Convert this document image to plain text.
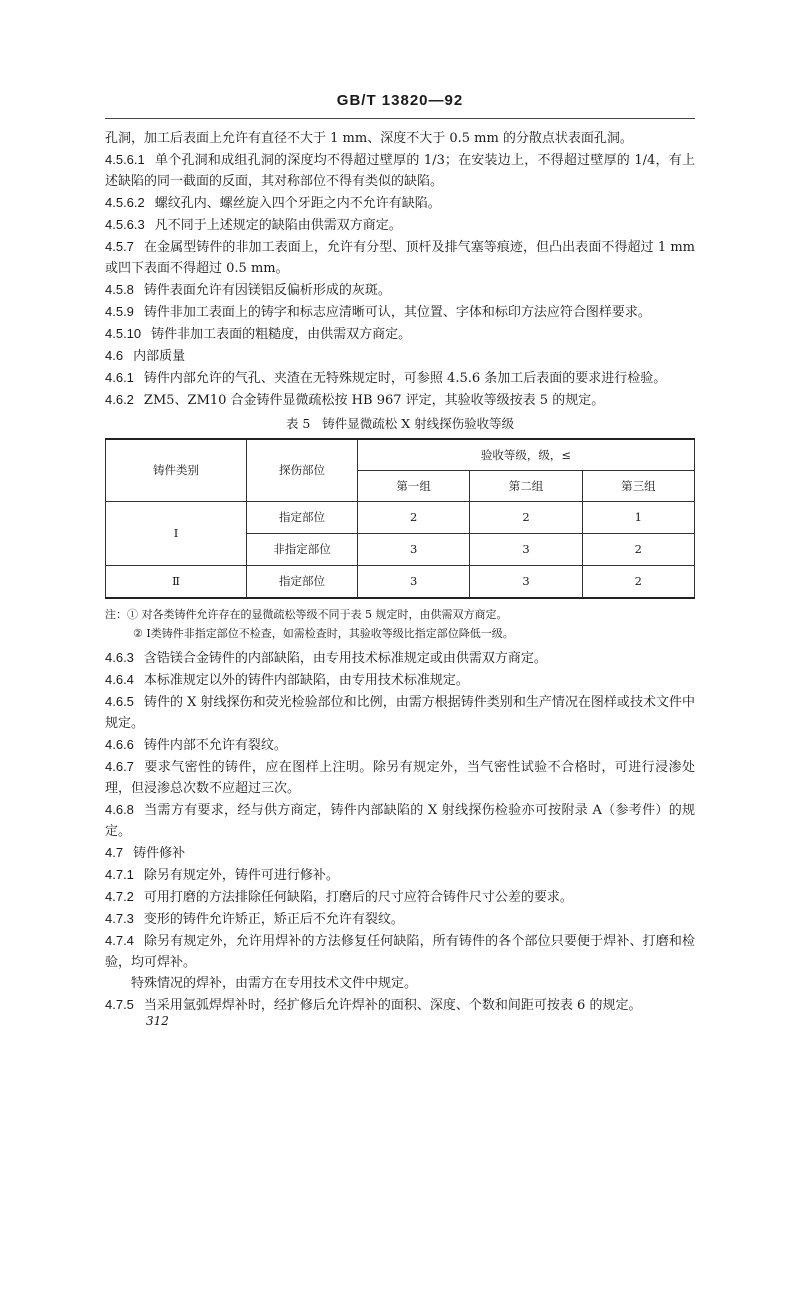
GB/T 13820—92

孔洞，加工后表面上允许有直径不大于 1 mm、深度不大于 0.5 mm 的分散点状表面孔洞。

4.5.6.1 单个孔洞和成组孔洞的深度均不得超过壁厚的 1/3；在安装边上，不得超过壁厚的 1/4，有上述缺陷的同一截面的反面，其对称部位不得有类似的缺陷。

4.5.6.2 螺纹孔内、螺丝旋入四个牙距之内不允许有缺陷。

4.5.6.3 凡不同于上述规定的缺陷由供需双方商定。

4.5.7 在金属型铸件的非加工表面上，允许有分型、顶杆及排气塞等痕迹，但凸出表面不得超过 1 mm 或凹下表面不得超过 0.5 mm。

4.5.8 铸件表面允许有因镁铝反偏析形成的灰斑。

4.5.9 铸件非加工表面上的铸字和标志应清晰可认，其位置、字体和标印方法应符合图样要求。

4.5.10 铸件非加工表面的粗糙度，由供需双方商定。

4.6 内部质量

4.6.1 铸件内部允许的气孔、夹渣在无特殊规定时，可参照 4.5.6 条加工后表面的要求进行检验。

4.6.2 ZM5、ZM10 合金铸件显微疏松按 HB 967 评定，其验收等级按表 5 的规定。

表 5 铸件显微疏松 X 射线探伤验收等级
铸件类别	探伤部位	验收等级，级，≤		
		第一组	第二组	第三组
Ⅰ	指定部位	2	2	1
	非指定部位	3	3	2
Ⅱ	指定部位	3	3	2
注：① 对各类铸件允许存在的显微疏松等级不同于表 5 规定时，由供需双方商定。
② Ⅰ类铸件非指定部位不检查，如需检查时，其验收等级比指定部位降低一级。

4.6.3 含锆镁合金铸件的内部缺陷，由专用技术标准规定或由供需双方商定。

4.6.4 本标准规定以外的铸件内部缺陷，由专用技术标准规定。

4.6.5 铸件的 X 射线探伤和荧光检验部位和比例，由需方根据铸件类别和生产情况在图样或技术文件中规定。

4.6.6 铸件内部不允许有裂纹。

4.6.7 要求气密性的铸件，应在图样上注明。除另有规定外，当气密性试验不合格时，可进行浸渗处理，但浸渗总次数不应超过三次。

4.6.8 当需方有要求，经与供方商定，铸件内部缺陷的 X 射线探伤检验亦可按附录 A（参考件）的规定。

4.7 铸件修补

4.7.1 除另有规定外，铸件可进行修补。

4.7.2 可用打磨的方法排除任何缺陷，打磨后的尺寸应符合铸件尺寸公差的要求。

4.7.3 变形的铸件允许矫正，矫正后不允许有裂纹。

4.7.4 除另有规定外，允许用焊补的方法修复任何缺陷，所有铸件的各个部位只要便于焊补、打磨和检验，均可焊补。

特殊情况的焊补，由需方在专用技术文件中规定。

4.7.5 当采用氩弧焊焊补时，经扩修后允许焊补的面积、深度、个数和间距可按表 6 的规定。

312
